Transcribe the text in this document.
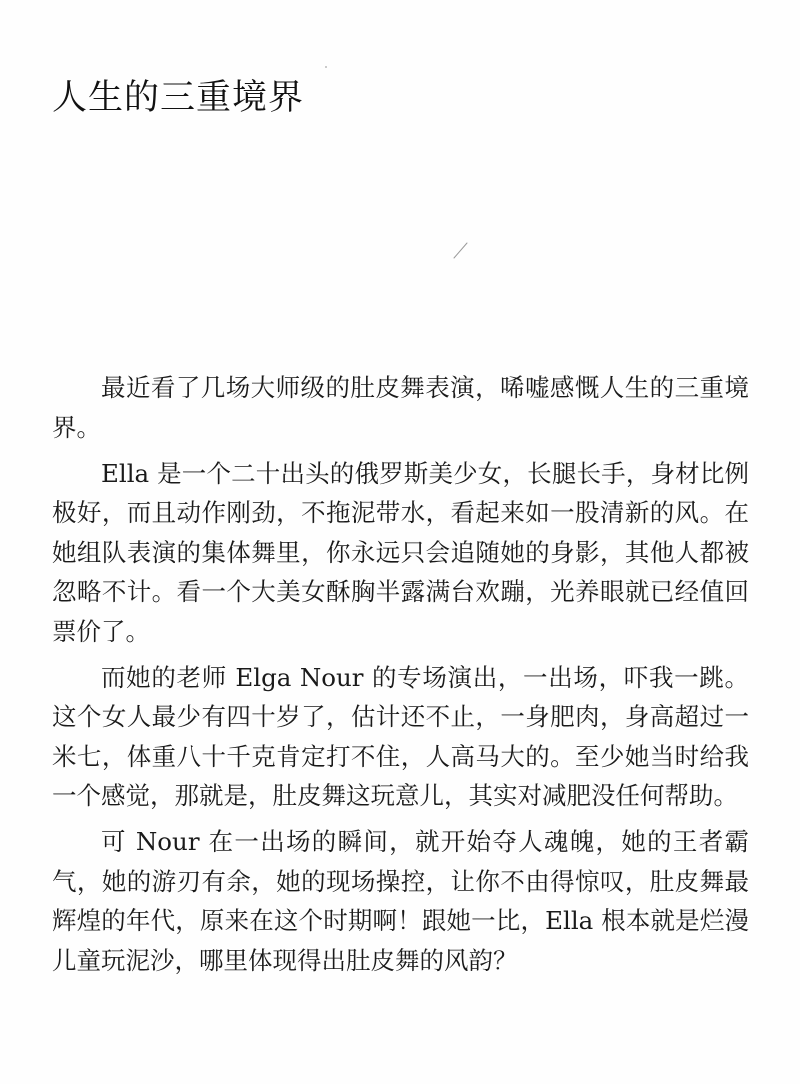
人生的三重境界

最近看了几场大师级的肚皮舞表演，唏嘘感慨人生的三重境界。

Ella 是一个二十出头的俄罗斯美少女，长腿长手，身材比例极好，而且动作刚劲，不拖泥带水，看起来如一股清新的风。在她组队表演的集体舞里，你永远只会追随她的身影，其他人都被忽略不计。看一个大美女酥胸半露满台欢蹦，光养眼就已经值回票价了。

而她的老师 Elga Nour 的专场演出，一出场，吓我一跳。这个女人最少有四十岁了，估计还不止，一身肥肉，身高超过一米七，体重八十千克肯定打不住，人高马大的。至少她当时给我一个感觉，那就是，肚皮舞这玩意儿，其实对减肥没任何帮助。

可 Nour 在一出场的瞬间，就开始夺人魂魄，她的王者霸气，她的游刃有余，她的现场操控，让你不由得惊叹，肚皮舞最辉煌的年代，原来在这个时期啊！跟她一比，Ella 根本就是烂漫儿童玩泥沙，哪里体现得出肚皮舞的风韵？
